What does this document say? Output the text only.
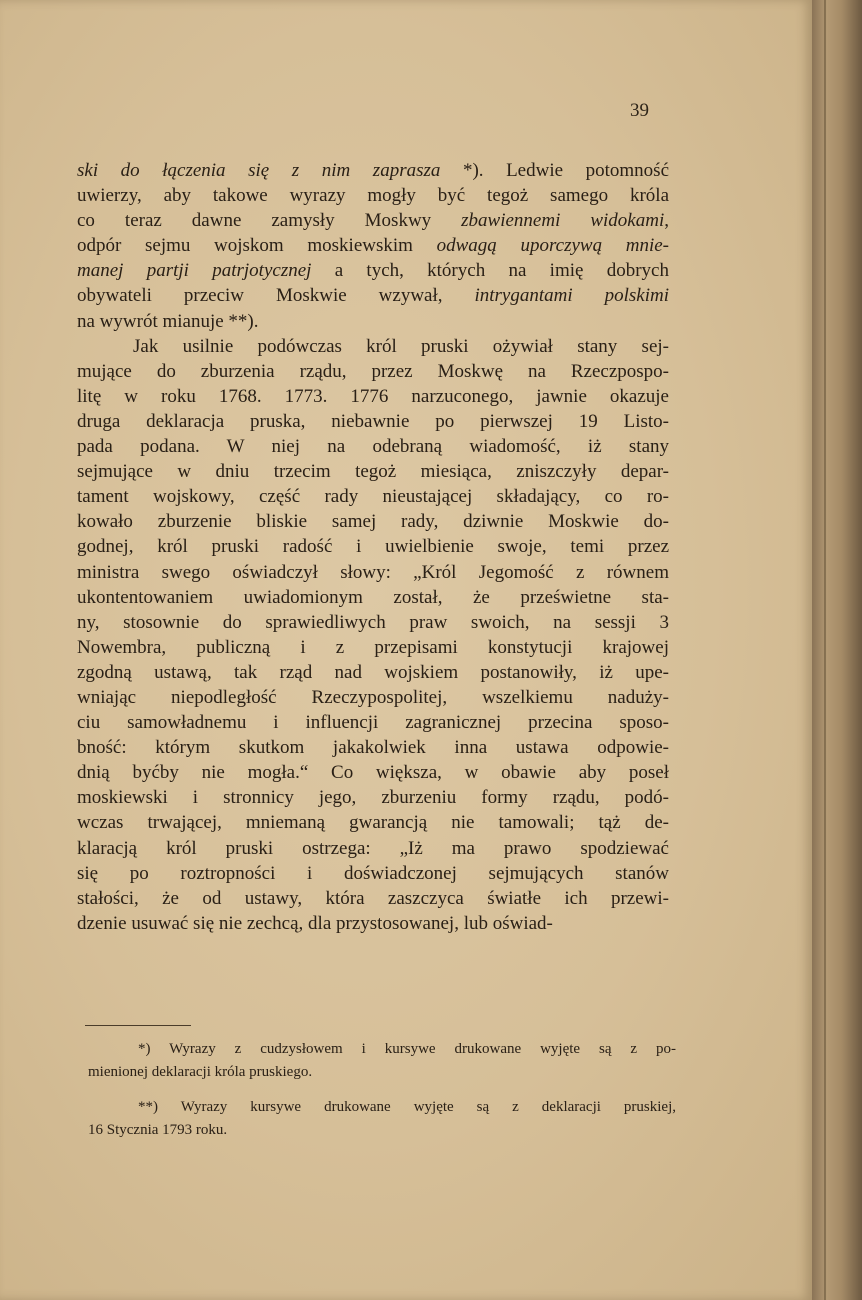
39
ski do łączenia się z nim zaprasza *). Ledwie potomność
uwierzy, aby takowe wyrazy mogły być tegoż samego króla
co teraz dawne zamysły Moskwy zbawiennemi widokami,
odpór sejmu wojskom moskiewskim odwagą uporczywą mnie-
manej partji patrjotycznej a tych, których na imię dobrych
obywateli przeciw Moskwie wzywał, intrygantami polskimi
na wywrót mianuje **).
Jak usilnie podówczas król pruski ożywiał stany sej-
mujące do zburzenia rządu, przez Moskwę na Rzeczpospo-
litę w roku 1768. 1773. 1776 narzuconego, jawnie okazuje
druga deklaracja pruska, niebawnie po pierwszej 19 Listo-
pada podana. W niej na odebraną wiadomość, iż stany
sejmujące w dniu trzecim tegoż miesiąca, zniszczyły depar-
tament wojskowy, część rady nieustającej składający, co ro-
kowało zburzenie bliskie samej rady, dziwnie Moskwie do-
godnej, król pruski radość i uwielbienie swoje, temi przez
ministra swego oświadczył słowy: „Król Jegomość z równem
ukontentowaniem uwiadomionym został, że prześwietne sta-
ny, stosownie do sprawiedliwych praw swoich, na sessji 3
Nowembra, publiczną i z przepisami konstytucji krajowej
zgodną ustawą, tak rząd nad wojskiem postanowiły, iż upe-
wniając niepodległość Rzeczypospolitej, wszelkiemu nadużу-
ciu samowładnemu i influencji zagranicznej przecina sposo-
bność: którym skutkom jakakolwiek inna ustawa odpowie-
dnią byćby nie mogła.“ Co większa, w obawie aby poseł
moskiewski i stronnicy jego, zburzeniu formy rządu, podó-
wczas trwającej, mniemaną gwarancją nie tamowali; tąż de-
klaracją król pruski ostrzega: „Iż ma prawo spodziewać
się po roztropności i doświadczonej sejmujących stanów
stałości, że od ustawy, która zaszczyca światłe ich przewi-
dzenie usuwać się nie zechcą, dla przystosowanej, lub oświad-
*) Wyrazy z cudzysłowem i kursywe drukowane wyjęte są z po-
mienionej deklaracji króla pruskiego.
**) Wyrazy kursywe drukowane wyjęte są z deklaracji pruskiej,
16 Stycznia 1793 roku.
